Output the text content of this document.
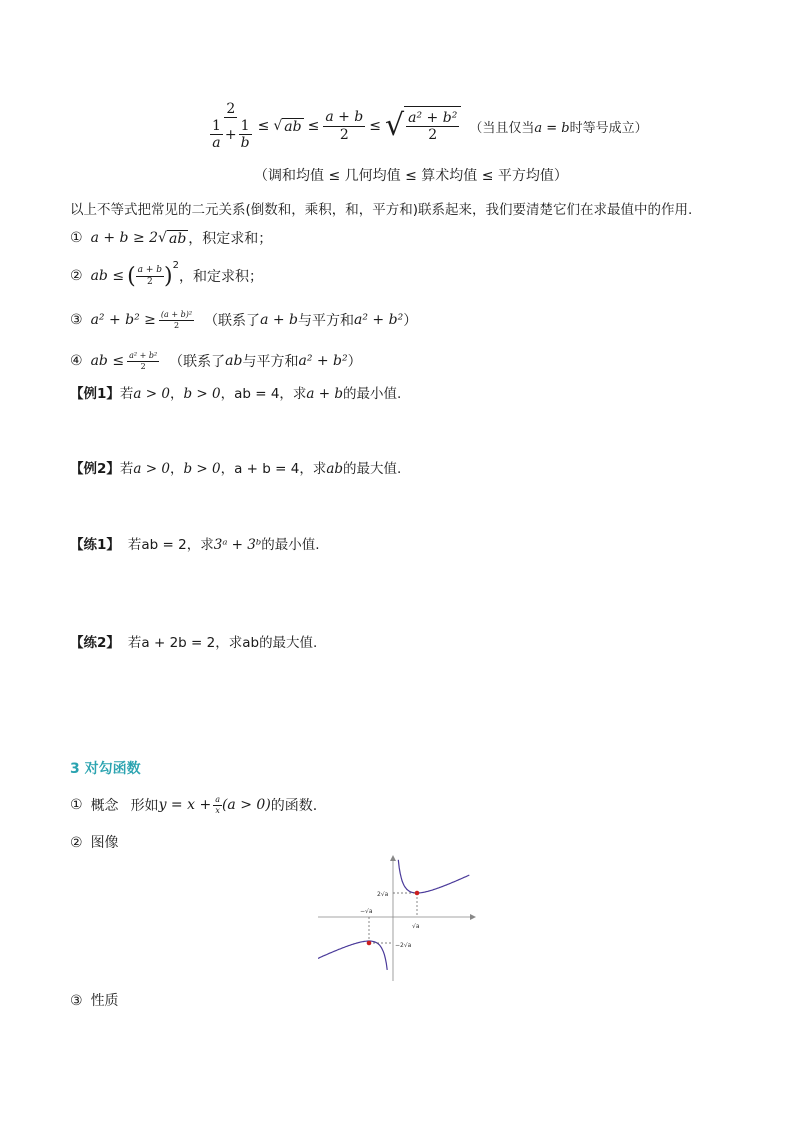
$\frac{2}{\frac{1}{a} + \frac{1}{b}}$ ≤ √ ab ≤ $\frac{a + b}{2}$ ≤ √ $\frac{\text{a² + b²}}{2}$ （当且仅当a = b时等号成立）
（调和均值 ≤ 几何均值 ≤ 算术均值 ≤ 平方均值）
以上不等式把常见的二元关系(倒数和，乘积，和，平方和)联系起来，我们要清楚它们在求最值中的作用.
① a + b ≥ 2 √ ab ，积定求和；
② ab ≤ ( $\frac{a + b}{2} )^2$
，和定求积；
③ $a^2 + b^2 \ge \frac{\text{(a + b)²}}{2}$ （联系了 a + b 与平方和 a² + b² ）
④ ab ≤ $\frac{\text{a² + b²}}{2}$ （联系了 ab 与平方和 a² + b² ）
【例1】若a > 0，b > 0，ab = 4，求a + b的最小值.
【例2】若a > 0，b > 0，a + b = 4，求ab的最大值.
【练1】 若ab = 2，求3ᵃ + 3ᵇ的最小值.
【练2】 若a + 2b = 2，求ab的最大值.
3 对勾函数
① 概念 形如 $y = x + \frac{a}{x} (a > 0)$ 的函数.
② 图像
2√a
√a
−√a
−2√a
③ 性质
